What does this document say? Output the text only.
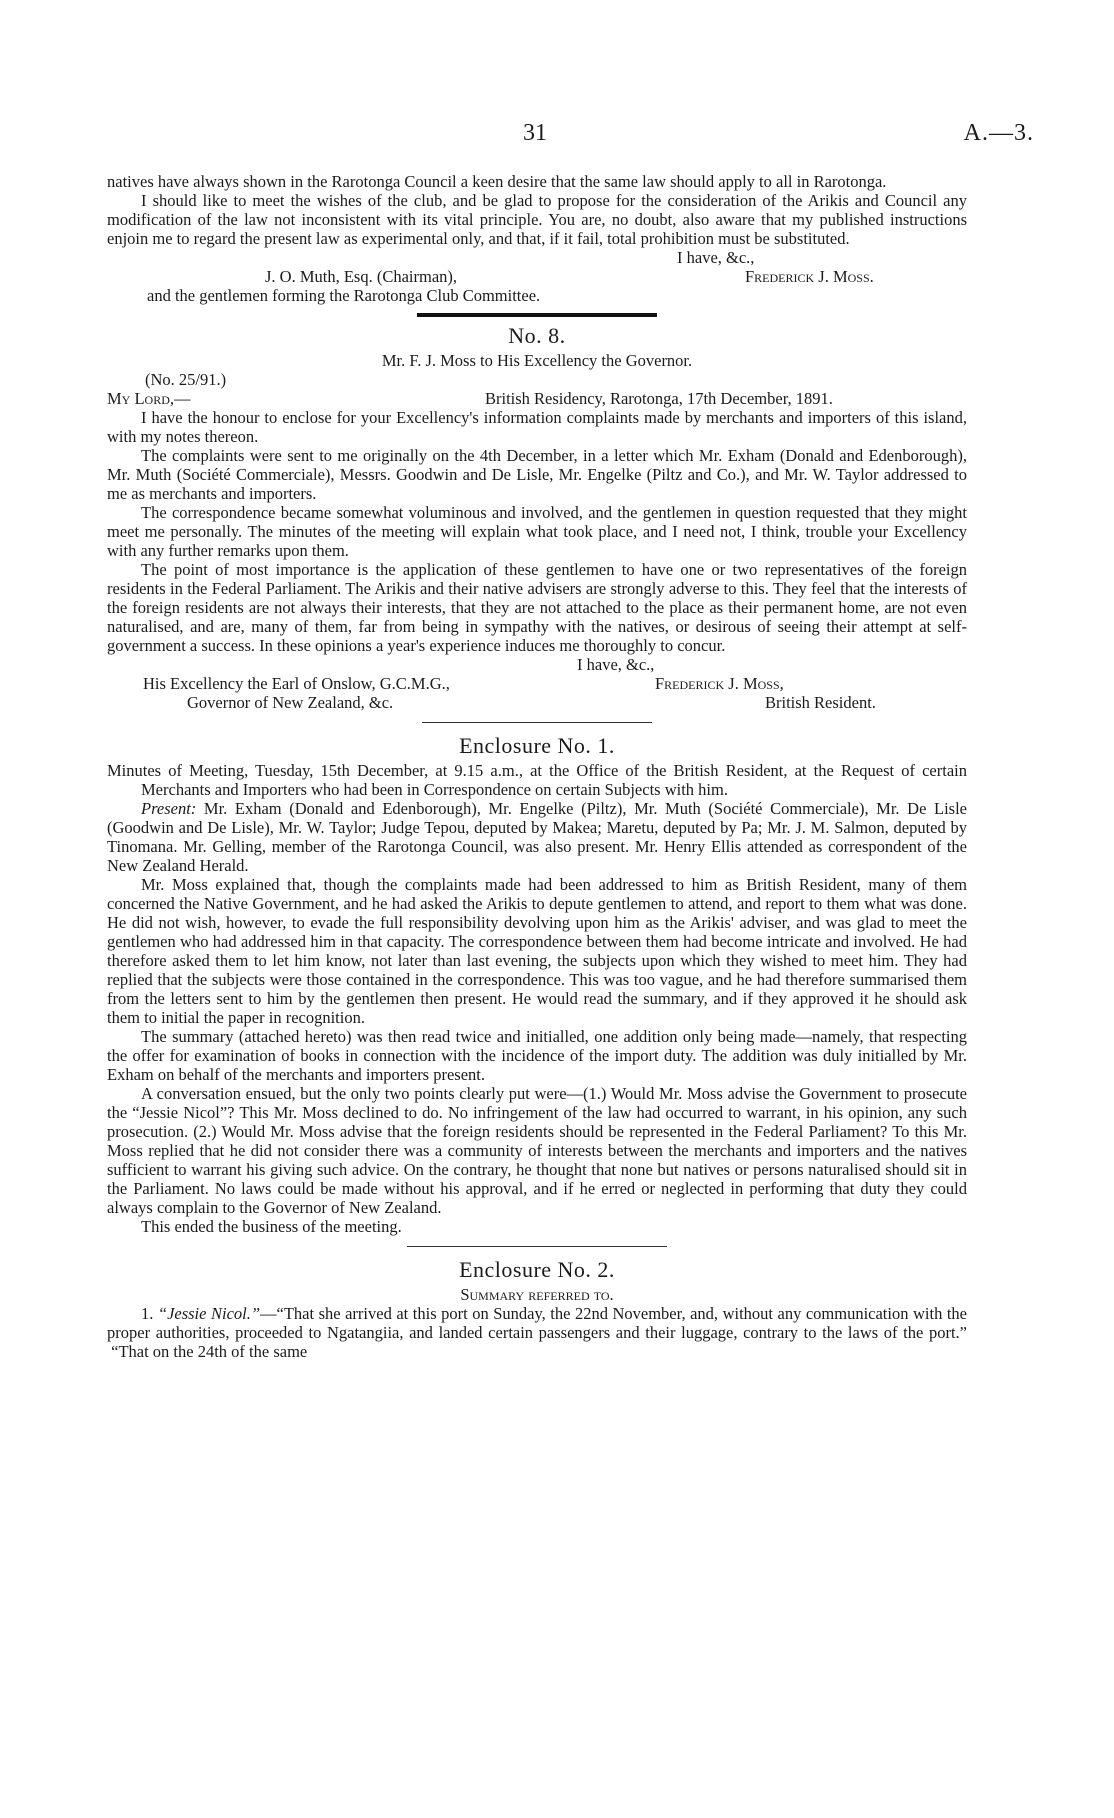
31	A.—3.

natives have always shown in the Rarotonga Council a keen desire that the same law should apply to all in Rarotonga.

I should like to meet the wishes of the club, and be glad to propose for the consideration of the Arikis and Council any modification of the law not inconsistent with its vital principle. You are, no doubt, also aware that my published instructions enjoin me to regard the present law as experimental only, and that, if it fail, total prohibition must be substituted.

I have, &c.,
J. O. Muth, Esq. (Chairman),	Frederick J. Moss.
and the gentlemen forming the Rarotonga Club Committee.
No. 8.

Mr. F. J. Moss to His Excellency the Governor.

(No. 25/91.)
My Lord,—	British Residency, Rarotonga, 17th December, 1891.

I have the honour to enclose for your Excellency's information complaints made by merchants and importers of this island, with my notes thereon.

The complaints were sent to me originally on the 4th December, in a letter which Mr. Exham (Donald and Edenborough), Mr. Muth (Société Commerciale), Messrs. Goodwin and De Lisle, Mr. Engelke (Piltz and Co.), and Mr. W. Taylor addressed to me as merchants and importers.

The correspondence became somewhat voluminous and involved, and the gentlemen in question requested that they might meet me personally. The minutes of the meeting will explain what took place, and I need not, I think, trouble your Excellency with any further remarks upon them.

The point of most importance is the application of these gentlemen to have one or two representatives of the foreign residents in the Federal Parliament. The Arikis and their native advisers are strongly adverse to this. They feel that the interests of the foreign residents are not always their interests, that they are not attached to the place as their permanent home, are not even naturalised, and are, many of them, far from being in sympathy with the natives, or desirous of seeing their attempt at self-government a success. In these opinions a year's experience induces me thoroughly to concur.

I have, &c.,
His Excellency the Earl of Onslow, G.C.M.G.,	Frederick J. Moss,
Governor of New Zealand, &c.	British Resident.
Enclosure No. 1.

Minutes of Meeting, Tuesday, 15th December, at 9.15 a.m., at the Office of the British Resident, at the Request of certain Merchants and Importers who had been in Correspondence on certain Subjects with him.

Present: Mr. Exham (Donald and Edenborough), Mr. Engelke (Piltz), Mr. Muth (Société Commerciale), Mr. De Lisle (Goodwin and De Lisle), Mr. W. Taylor; Judge Tepou, deputed by Makea; Maretu, deputed by Pa; Mr. J. M. Salmon, deputed by Tinomana. Mr. Gelling, member of the Rarotonga Council, was also present. Mr. Henry Ellis attended as correspondent of the New Zealand Herald.

Mr. Moss explained that, though the complaints made had been addressed to him as British Resident, many of them concerned the Native Government, and he had asked the Arikis to depute gentlemen to attend, and report to them what was done. He did not wish, however, to evade the full responsibility devolving upon him as the Arikis' adviser, and was glad to meet the gentlemen who had addressed him in that capacity. The correspondence between them had become intricate and involved. He had therefore asked them to let him know, not later than last evening, the subjects upon which they wished to meet him. They had replied that the subjects were those contained in the correspondence. This was too vague, and he had therefore summarised them from the letters sent to him by the gentlemen then present. He would read the summary, and if they approved it he should ask them to initial the paper in recognition.

The summary (attached hereto) was then read twice and initialled, one addition only being made—namely, that respecting the offer for examination of books in connection with the incidence of the import duty. The addition was duly initialled by Mr. Exham on behalf of the merchants and importers present.

A conversation ensued, but the only two points clearly put were—(1.) Would Mr. Moss advise the Government to prosecute the “Jessie Nicol”? This Mr. Moss declined to do. No infringement of the law had occurred to warrant, in his opinion, any such prosecution. (2.) Would Mr. Moss advise that the foreign residents should be represented in the Federal Parliament? To this Mr. Moss replied that he did not consider there was a community of interests between the merchants and importers and the natives sufficient to warrant his giving such advice. On the contrary, he thought that none but natives or persons naturalised should sit in the Parliament. No laws could be made without his approval, and if he erred or neglected in performing that duty they could always complain to the Governor of New Zealand.

This ended the business of the meeting.

Enclosure No. 2.

Summary referred to.

1. “Jessie Nicol.”—“That she arrived at this port on Sunday, the 22nd November, and, without any communication with the proper authorities, proceeded to Ngatangiia, and landed certain passengers and their luggage, contrary to the laws of the port.”  “That on the 24th of the same
